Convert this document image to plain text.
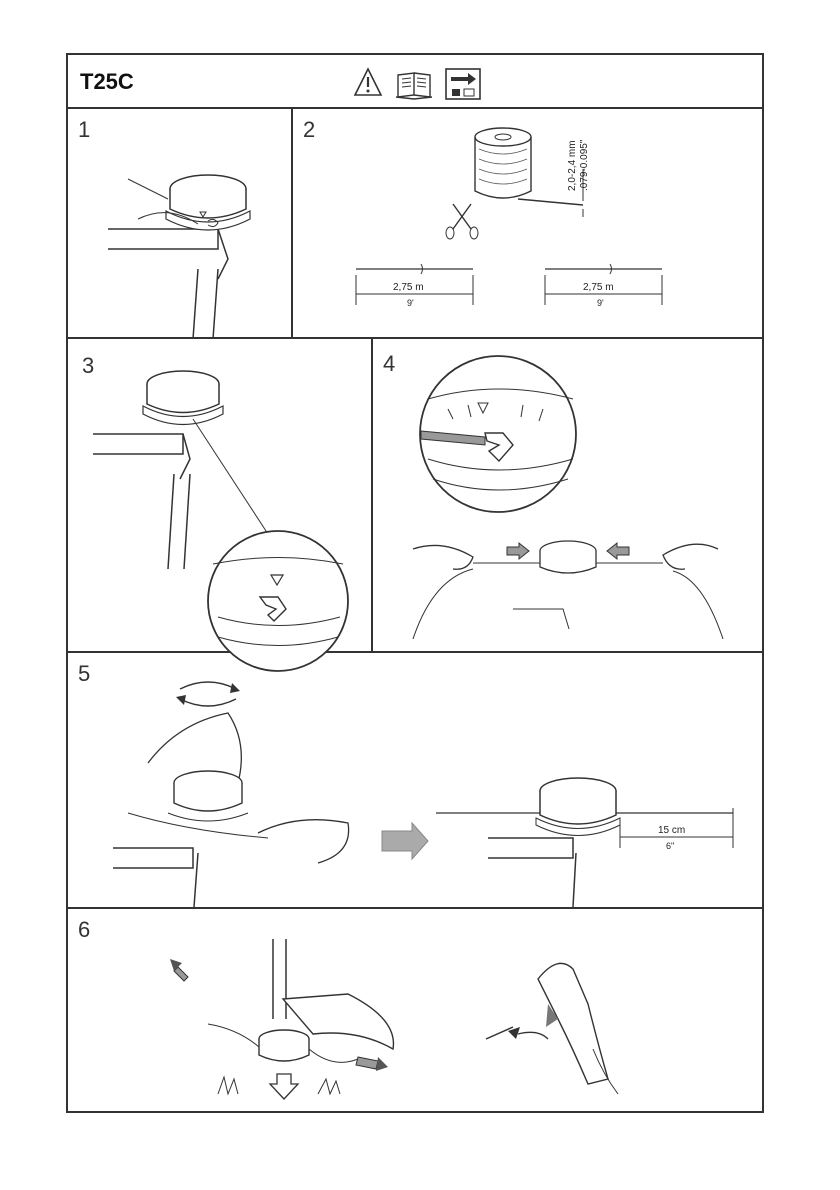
T25C
1	2
2,0-2,4 mm .079-0.095"
2,75 m
9'
2,75 m
9'
3	4
5
15 cm
6"
6
